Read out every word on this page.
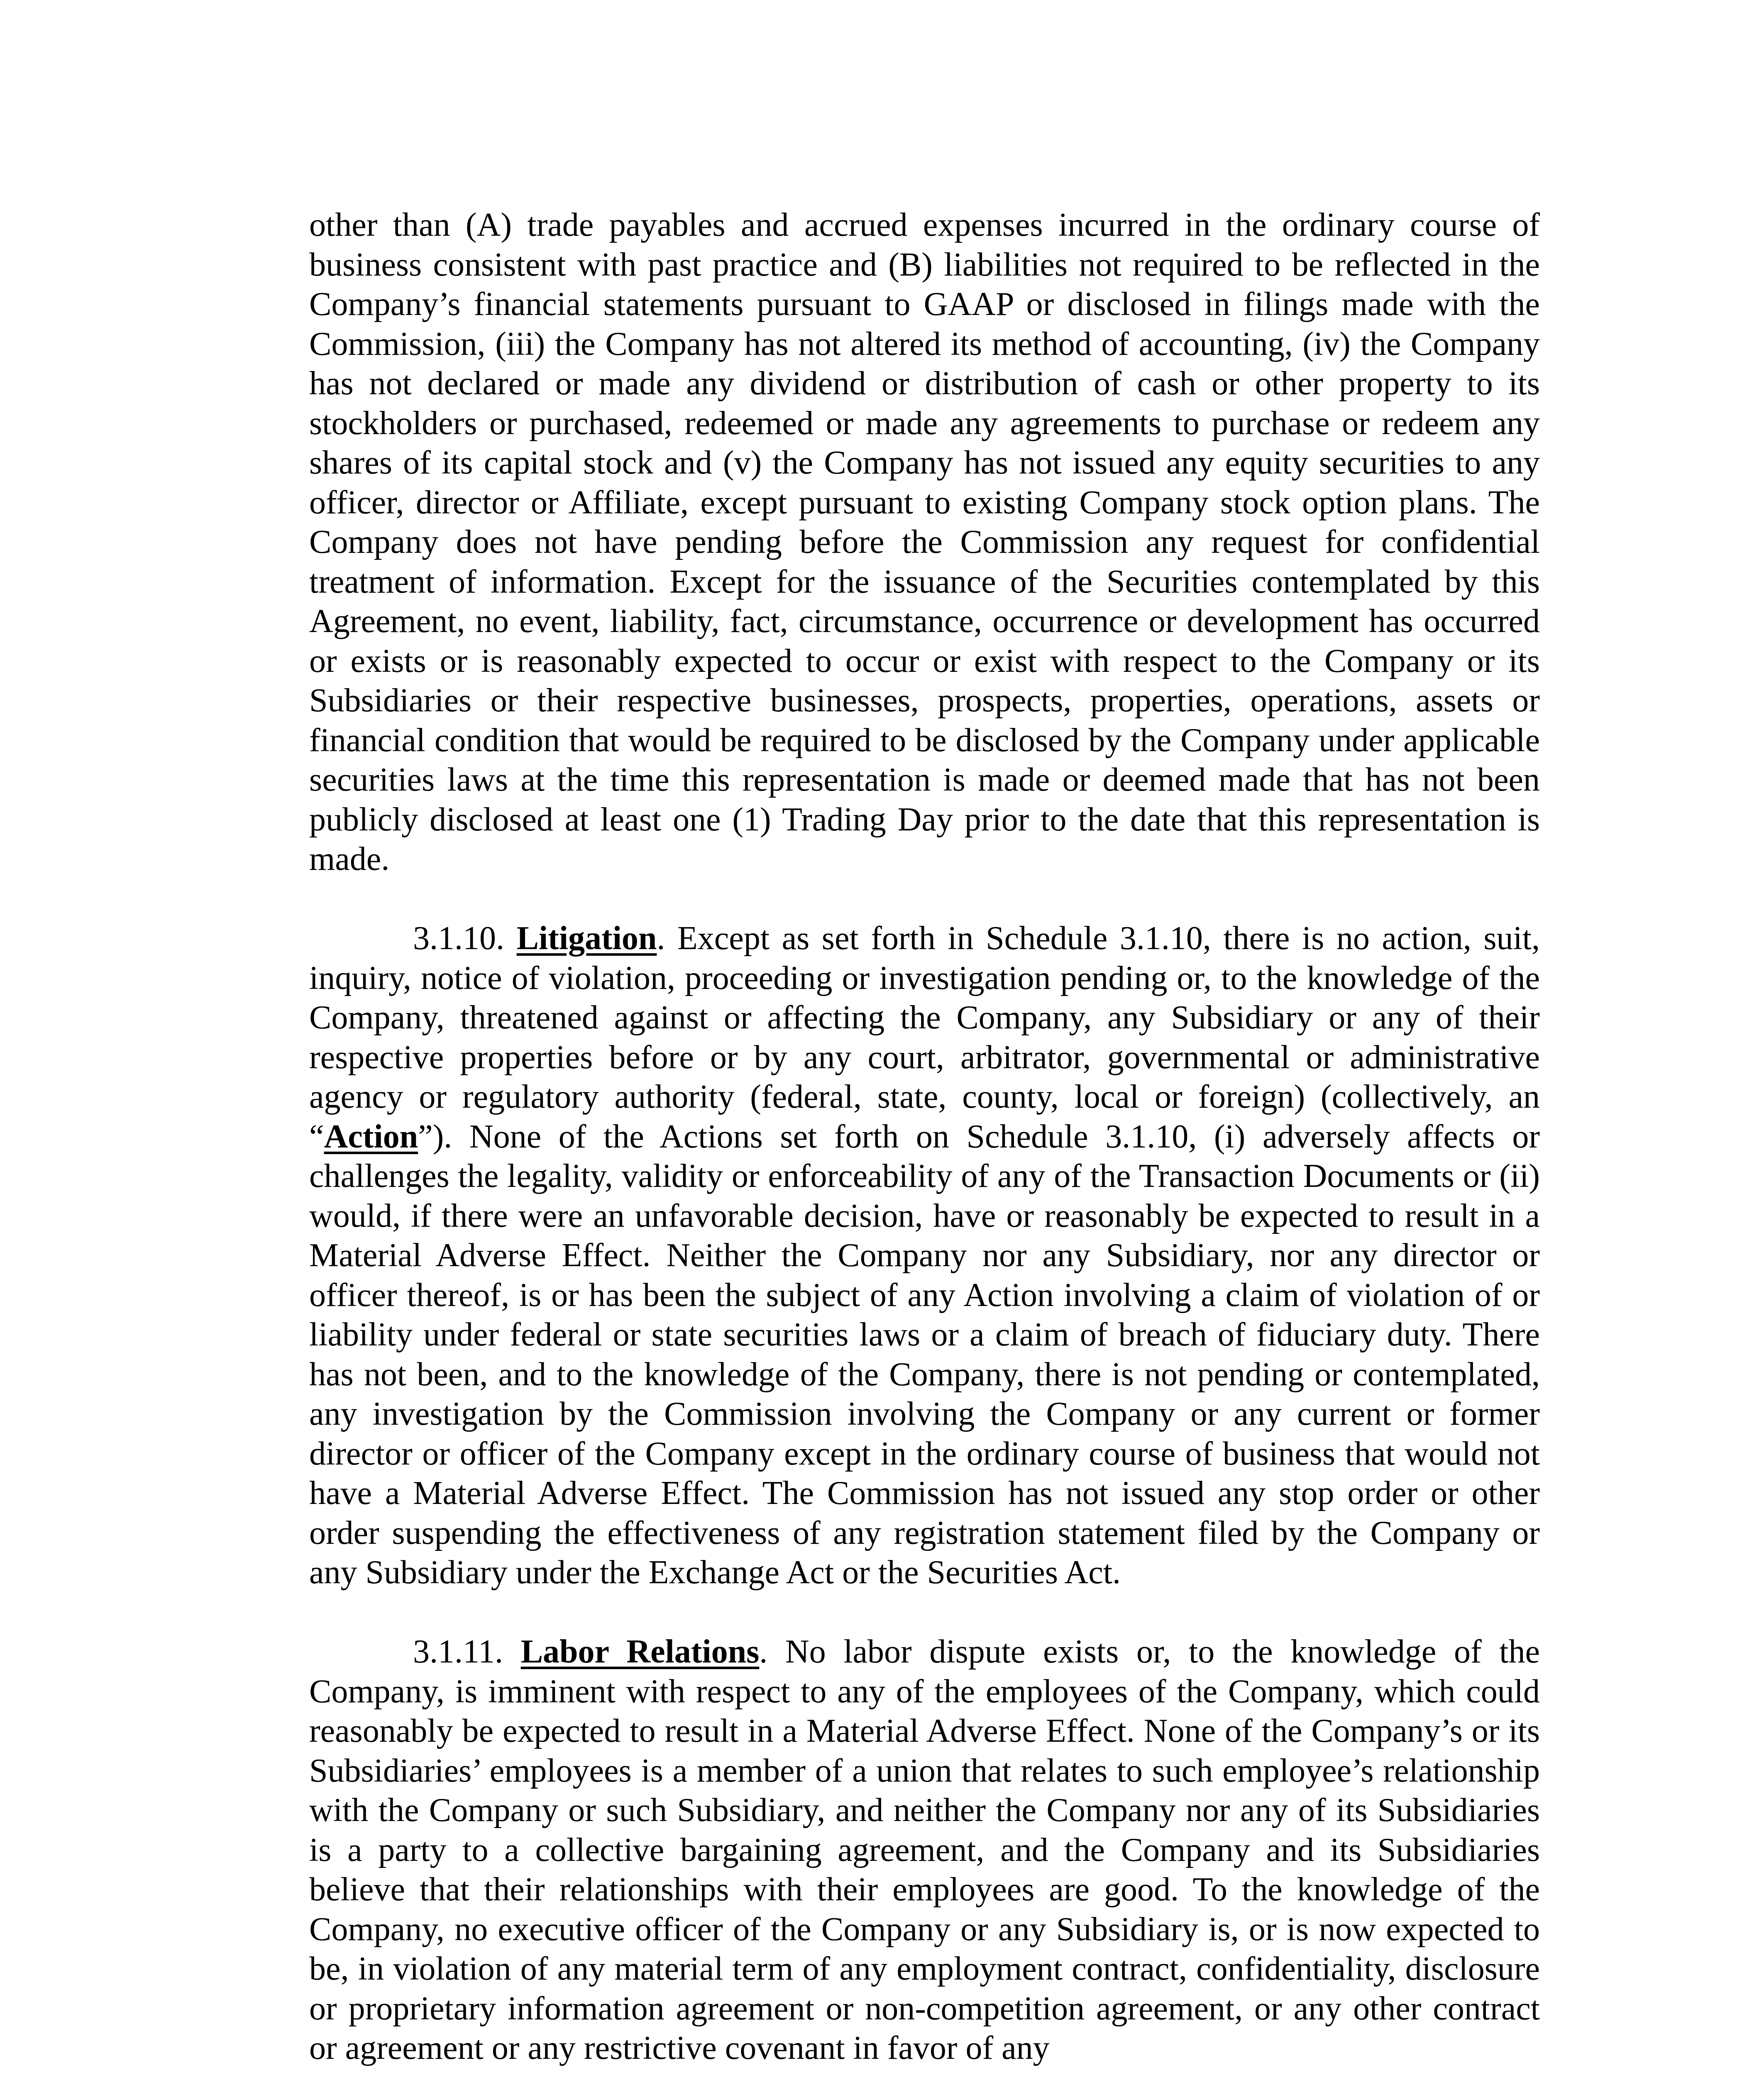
other than (A) trade payables and accrued expenses incurred in the ordinary course of business consistent with past practice and (B) liabilities not required to be reflected in the Company’s financial statements pursuant to GAAP or disclosed in filings made with the Commission, (iii) the Company has not altered its method of accounting, (iv) the Company has not declared or made any dividend or distribution of cash or other property to its stockholders or purchased, redeemed or made any agreements to purchase or redeem any shares of its capital stock and (v) the Company has not issued any equity securities to any officer, director or Affiliate, except pursuant to existing Company stock option plans. The Company does not have pending before the Commission any request for confidential treatment of information. Except for the issuance of the Securities contemplated by this Agreement, no event, liability, fact, circumstance, occurrence or development has occurred or exists or is reasonably expected to occur or exist with respect to the Company or its Subsidiaries or their respective businesses, prospects, properties, operations, assets or financial condition that would be required to be disclosed by the Company under applicable securities laws at the time this representation is made or deemed made that has not been publicly disclosed at least one (1) Trading Day prior to the date that this representation is made.

3.1.10. Litigation. Except as set forth in Schedule 3.1.10, there is no action, suit, inquiry, notice of violation, proceeding or investigation pending or, to the knowledge of the Company, threatened against or affecting the Company, any Subsidiary or any of their respective properties before or by any court, arbitrator, governmental or administrative agency or regulatory authority (federal, state, county, local or foreign) (collectively, an “Action”). None of the Actions set forth on Schedule 3.1.10, (i) adversely affects or challenges the legality, validity or enforceability of any of the Transaction Documents or (ii) would, if there were an unfavorable decision, have or reasonably be expected to result in a Material Adverse Effect. Neither the Company nor any Subsidiary, nor any director or officer thereof, is or has been the subject of any Action involving a claim of violation of or liability under federal or state securities laws or a claim of breach of fiduciary duty. There has not been, and to the knowledge of the Company, there is not pending or contemplated, any investigation by the Commission involving the Company or any current or former director or officer of the Company except in the ordinary course of business that would not have a Material Adverse Effect. The Commission has not issued any stop order or other order suspending the effectiveness of any registration statement filed by the Company or any Subsidiary under the Exchange Act or the Securities Act.

3.1.11. Labor Relations. No labor dispute exists or, to the knowledge of the Company, is imminent with respect to any of the employees of the Company, which could reasonably be expected to result in a Material Adverse Effect. None of the Company’s or its Subsidiaries’ employees is a member of a union that relates to such employee’s relationship with the Company or such Subsidiary, and neither the Company nor any of its Subsidiaries is a party to a collective bargaining agreement, and the Company and its Subsidiaries believe that their relationships with their employees are good. To the knowledge of the Company, no executive officer of the Company or any Subsidiary is, or is now expected to be, in violation of any material term of any employment contract, confidentiality, disclosure or proprietary information agreement or non-competition agreement, or any other contract or agreement or any restrictive covenant in favor of any
